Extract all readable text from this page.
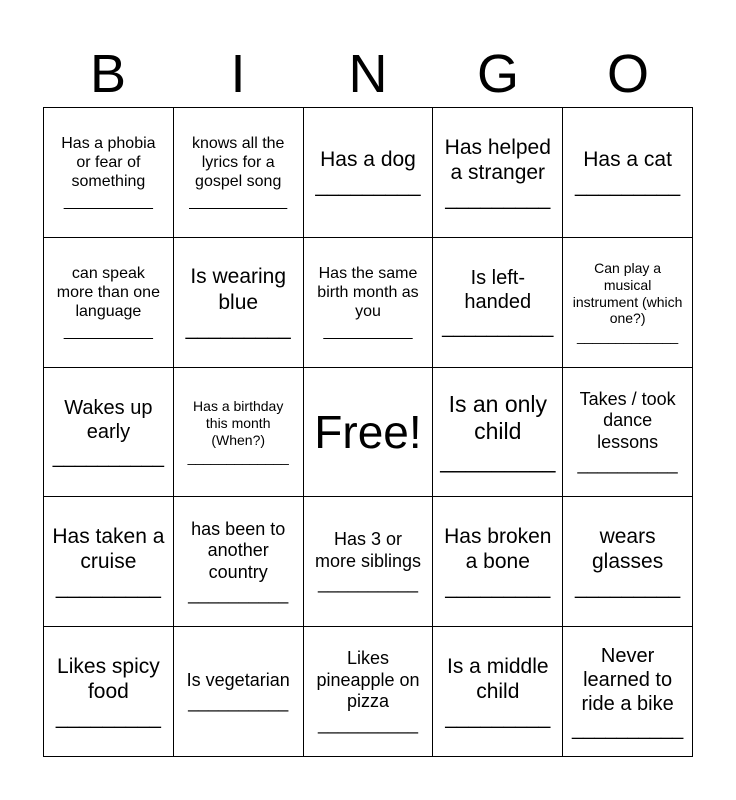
B	I	N	G	O
Has a phobia or fear of something
__________
knows all the lyrics for a gospel song
___________
Has a dog
_________
Has helped a stranger
_________
Has a cat
_________
can speak more than one language
__________
Is wearing blue
_________
Has the same birth month as you
__________
Is left-handed
__________
Can play a musical instrument (which one?)
_____________
Wakes up early
__________
Has a birthday this month (When?)
_____________ Free!
Is an only child
_________
Takes / took dance lessons
__________
Has taken a cruise
_________
has been to another country
__________
Has 3 or more siblings
__________
Has broken a bone
_________
wears glasses
_________
Likes spicy food
_________
Is vegetarian
__________
Likes pineapple on pizza
__________
Is a middle child
_________
Never learned to ride a bike
__________
